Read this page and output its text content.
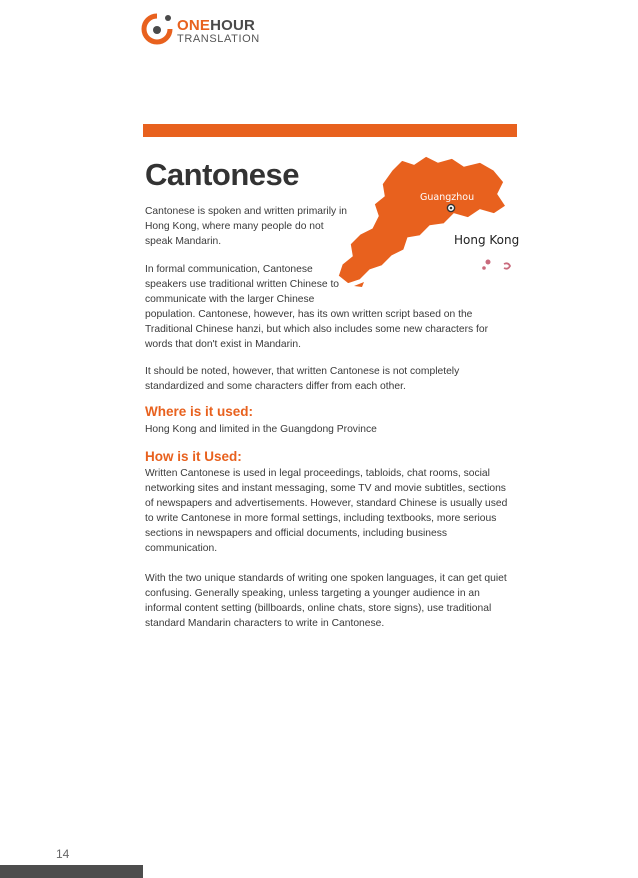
ONEHOUR
TRANSLATION
Guangzhou
Hong Kong
Cantonese

Cantonese is spoken and written primarily in Hong Kong, where many people do not speak Mandarin.

In formal communication, Cantonese speakers use traditional written Chinese to communicate with the larger Chinese

population. Cantonese, however, has its own written script based on the Traditional Chinese hanzi, but which also includes some new characters for words that don't exist in Mandarin.

It should be noted, however, that written Cantonese is not completely standardized and some characters differ from each other.

Where is it used:

Hong Kong and limited in the Guangdong Province

How is it Used:

Written Cantonese is used in legal proceedings, tabloids, chat rooms, social networking sites and instant messaging, some TV and movie subtitles, sections of newspapers and advertisements. However, standard Chinese is usually used to write Cantonese in more formal settings, including textbooks, more serious sections in newspapers and official documents, including business communication.

With the two unique standards of writing one spoken languages, it can get quiet confusing. Generally speaking, unless targeting a younger audience in an informal content setting (billboards, online chats, store signs), use traditional standard Mandarin characters to write in Cantonese.

14
